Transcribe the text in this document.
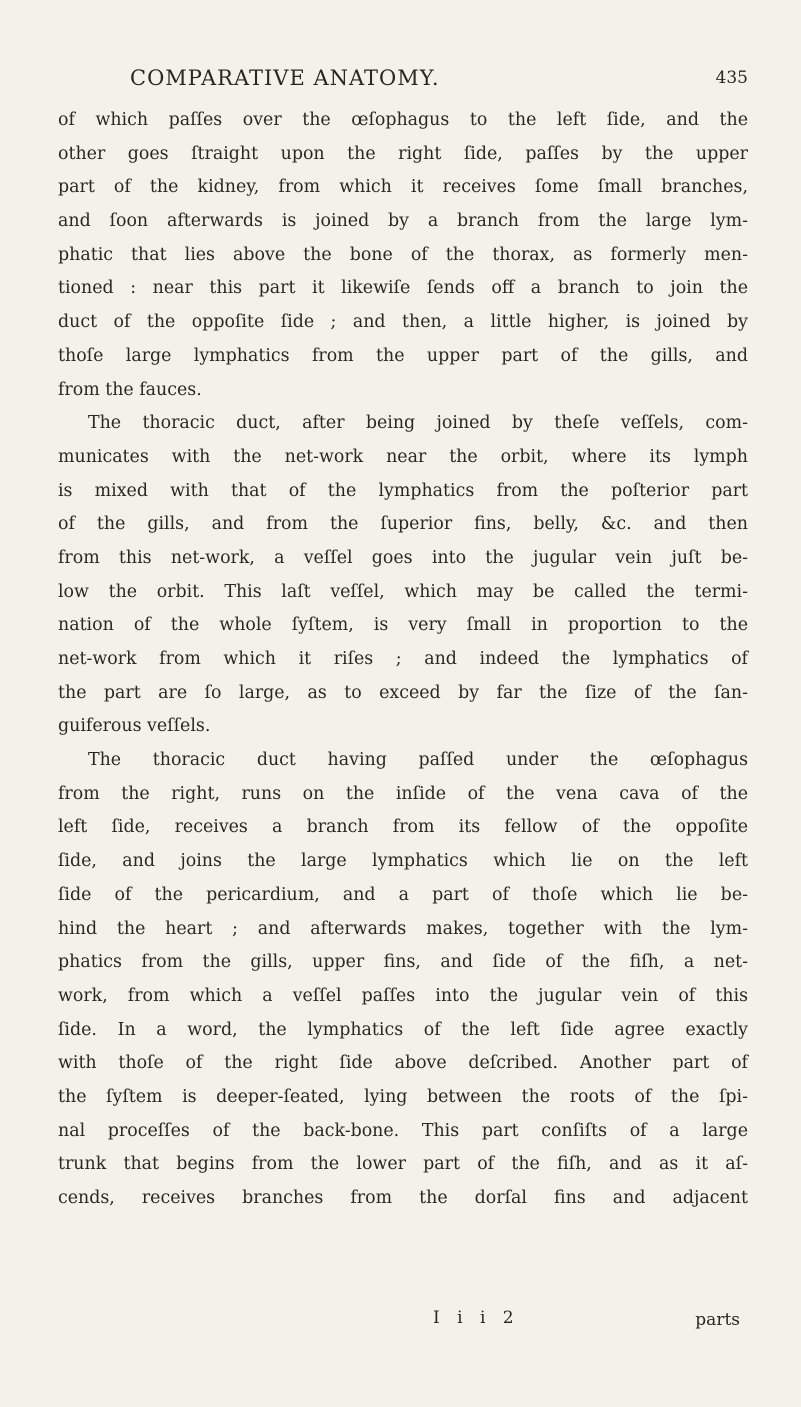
COMPARATIVE ANATOMY.	435
of which paſſes over the œſophagus to the left ſide, and the
other goes ſtraight upon the right ſide, paſſes by the upper
part of the kidney, from which it receives ſome ſmall branches,
and ſoon afterwards is joined by a branch from the large lym-
phatic that lies above the bone of the thorax, as formerly men-
tioned : near this part it likewiſe ſends off a branch to join the
duct of the oppoſite ſide ; and then, a little higher, is joined by
thoſe large lymphatics from the upper part of the gills, and
from the fauces.
The thoracic duct, after being joined by theſe veſſels, com-
municates with the net-work near the orbit, where its lymph
is mixed with that of the lymphatics from the poſterior part
of the gills, and from the ſuperior fins, belly, &c. and then
from this net-work, a veſſel goes into the jugular vein juſt be-
low the orbit. This laſt veſſel, which may be called the termi-
nation of the whole ſyſtem, is very ſmall in proportion to the
net-work from which it riſes ; and indeed the lymphatics of
the part are ſo large, as to exceed by far the ſize of the ſan-
guiferous veſſels.
The thoracic duct having paſſed under the œſophagus
from the right, runs on the inſide of the vena cava of the
left ſide, receives a branch from its fellow of the oppoſite
ſide, and joins the large lymphatics which lie on the left
ſide of the pericardium, and a part of thoſe which lie be-
hind the heart ; and afterwards makes, together with the lym-
phatics from the gills, upper fins, and ſide of the fiſh, a net-
work, from which a veſſel paſſes into the jugular vein of this
ſide. In a word, the lymphatics of the left ſide agree exactly
with thoſe of the right ſide above deſcribed. Another part of
the ſyſtem is deeper-ſeated, lying between the roots of the ſpi-
nal proceſſes of the back-bone. This part conſiſts of a large
trunk that begins from the lower part of the fiſh, and as it aſ-
cends, receives branches from the dorſal fins and adjacent
I i i 2	parts
